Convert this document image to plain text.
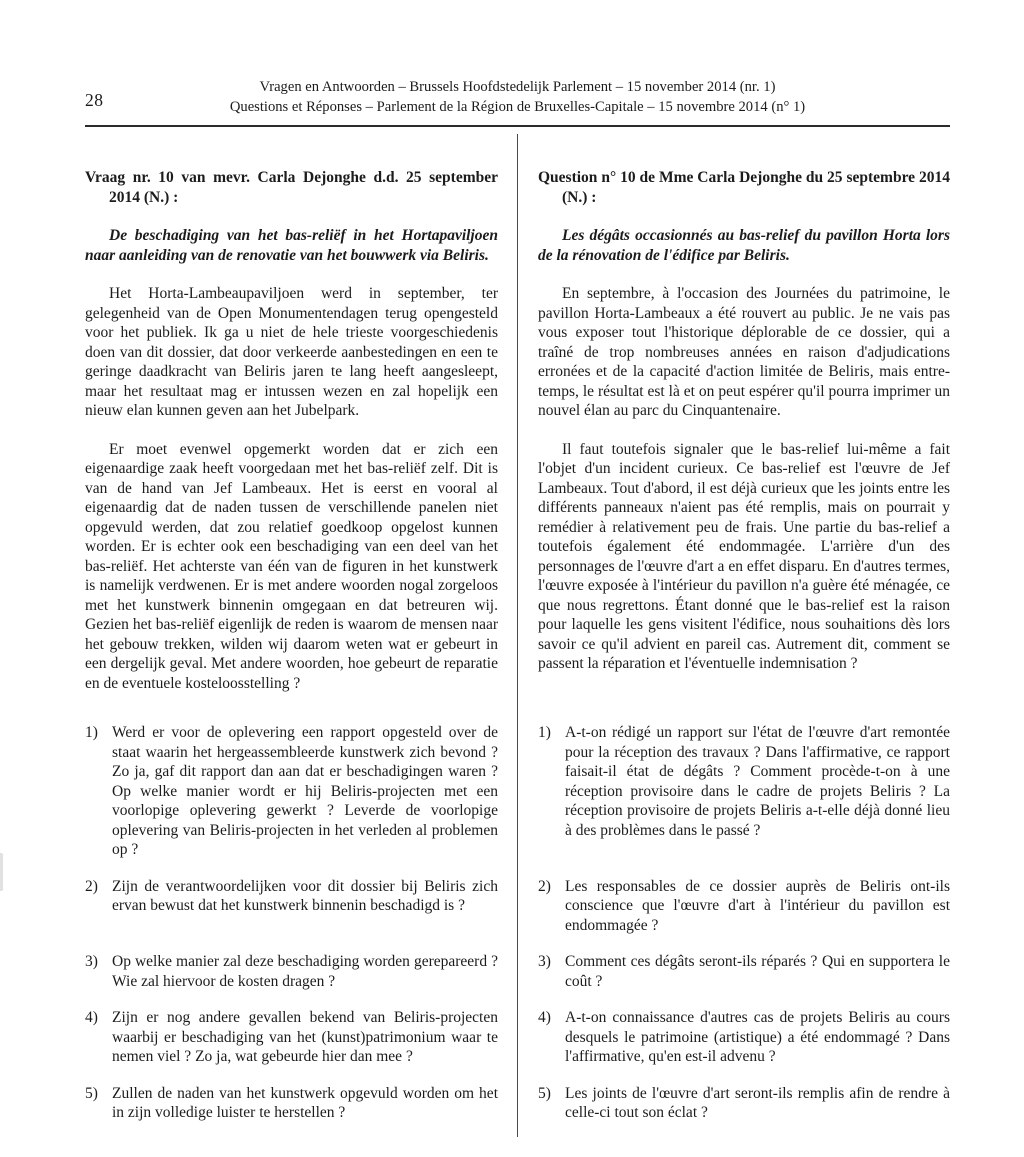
28
Vragen en Antwoorden – Brussels Hoofdstedelijk Parlement – 15 november 2014 (nr. 1)
Questions et Réponses – Parlement de la Région de Bruxelles-Capitale – 15 novembre 2014 (n° 1)
Vraag nr. 10 van mevr. Carla Dejonghe d.d. 25 september 2014 (N.) :
Question n° 10 de Mme Carla Dejonghe du 25 septembre 2014 (N.) :

De beschadiging van het bas-reliëf in het Hortapaviljoen naar aanleiding van de renovatie van het bouwwerk via Beliris.

Les dégâts occasionnés au bas-relief du pavillon Horta lors de la rénovation de l'édifice par Beliris.

Het Horta-Lambeaupaviljoen werd in september, ter gelegenheid van de Open Monumentendagen terug opengesteld voor het publiek. Ik ga u niet de hele trieste voorgeschiedenis doen van dit dossier, dat door verkeerde aanbestedingen en een te geringe daadkracht van Beliris jaren te lang heeft aangesleept, maar het resultaat mag er intussen wezen en zal hopelijk een nieuw elan kunnen geven aan het Jubelpark.

En septembre, à l'occasion des Journées du patrimoine, le pavillon Horta-Lambeaux a été rouvert au public. Je ne vais pas vous exposer tout l'historique déplorable de ce dossier, qui a traîné de trop nombreuses années en raison d'adjudications erronées et de la capacité d'action limitée de Beliris, mais entre-temps, le résultat est là et on peut espérer qu'il pourra imprimer un nouvel élan au parc du Cinquantenaire.

Er moet evenwel opgemerkt worden dat er zich een eigenaardige zaak heeft voorgedaan met het bas-reliëf zelf. Dit is van de hand van Jef Lambeaux. Het is eerst en vooral al eigenaardig dat de naden tussen de verschillende panelen niet opgevuld werden, dat zou relatief goedkoop opgelost kunnen worden. Er is echter ook een beschadiging van een deel van het bas-reliëf. Het achterste van één van de figuren in het kunstwerk is namelijk verdwenen. Er is met andere woorden nogal zorgeloos met het kunstwerk binnenin omgegaan en dat betreuren wij. Gezien het bas-reliëf eigenlijk de reden is waarom de mensen naar het gebouw trekken, wilden wij daarom weten wat er gebeurt in een dergelijk geval. Met andere woorden, hoe gebeurt de reparatie en de eventuele kosteloosstelling ?

Il faut toutefois signaler que le bas-relief lui-même a fait l'objet d'un incident curieux. Ce bas-relief est l'œuvre de Jef Lambeaux. Tout d'abord, il est déjà curieux que les joints entre les différents panneaux n'aient pas été remplis, mais on pourrait y remédier à relativement peu de frais. Une partie du bas-relief a toutefois également été endommagée. L'arrière d'un des personnages de l'œuvre d'art a en effet disparu. En d'autres termes, l'œuvre exposée à l'intérieur du pavillon n'a guère été ménagée, ce que nous regrettons. Étant donné que le bas-relief est la raison pour laquelle les gens visitent l'édifice, nous souhaitions dès lors savoir ce qu'il advient en pareil cas. Autrement dit, comment se passent la réparation et l'éventuelle indemnisation ?

1) Werd er voor de oplevering een rapport opgesteld over de staat waarin het hergeassembleerde kunstwerk zich bevond ? Zo ja, gaf dit rapport dan aan dat er beschadigingen waren ? Op welke manier wordt er hij Beliris-projecten met een voorlopige oplevering gewerkt ? Leverde de voorlopige oplevering van Beliris-projecten in het verleden al problemen op ?
1) A-t-on rédigé un rapport sur l'état de l'œuvre d'art remontée pour la réception des travaux ? Dans l'affirmative, ce rapport faisait-il état de dégâts ? Comment procède-t-on à une réception provisoire dans le cadre de projets Beliris ? La réception provisoire de projets Beliris a-t-elle déjà donné lieu à des problèmes dans le passé ?
2) Zijn de verantwoordelijken voor dit dossier bij Beliris zich ervan bewust dat het kunstwerk binnenin beschadigd is ?
2) Les responsables de ce dossier auprès de Beliris ont-ils conscience que l'œuvre d'art à l'intérieur du pavillon est endommagée ?
3) Op welke manier zal deze beschadiging worden gerepareerd ? Wie zal hiervoor de kosten dragen ?
3) Comment ces dégâts seront-ils réparés ? Qui en supportera le coût ?
4) Zijn er nog andere gevallen bekend van Beliris-projecten waarbij er beschadiging van het (kunst)patrimonium waar te nemen viel ? Zo ja, wat gebeurde hier dan mee ?
4) A-t-on connaissance d'autres cas de projets Beliris au cours desquels le patrimoine (artistique) a été endommagé ? Dans l'affirmative, qu'en est-il advenu ?
5) Zullen de naden van het kunstwerk opgevuld worden om het in zijn volledige luister te herstellen ?
5) Les joints de l'œuvre d'art seront-ils remplis afin de rendre à celle-ci tout son éclat ?
